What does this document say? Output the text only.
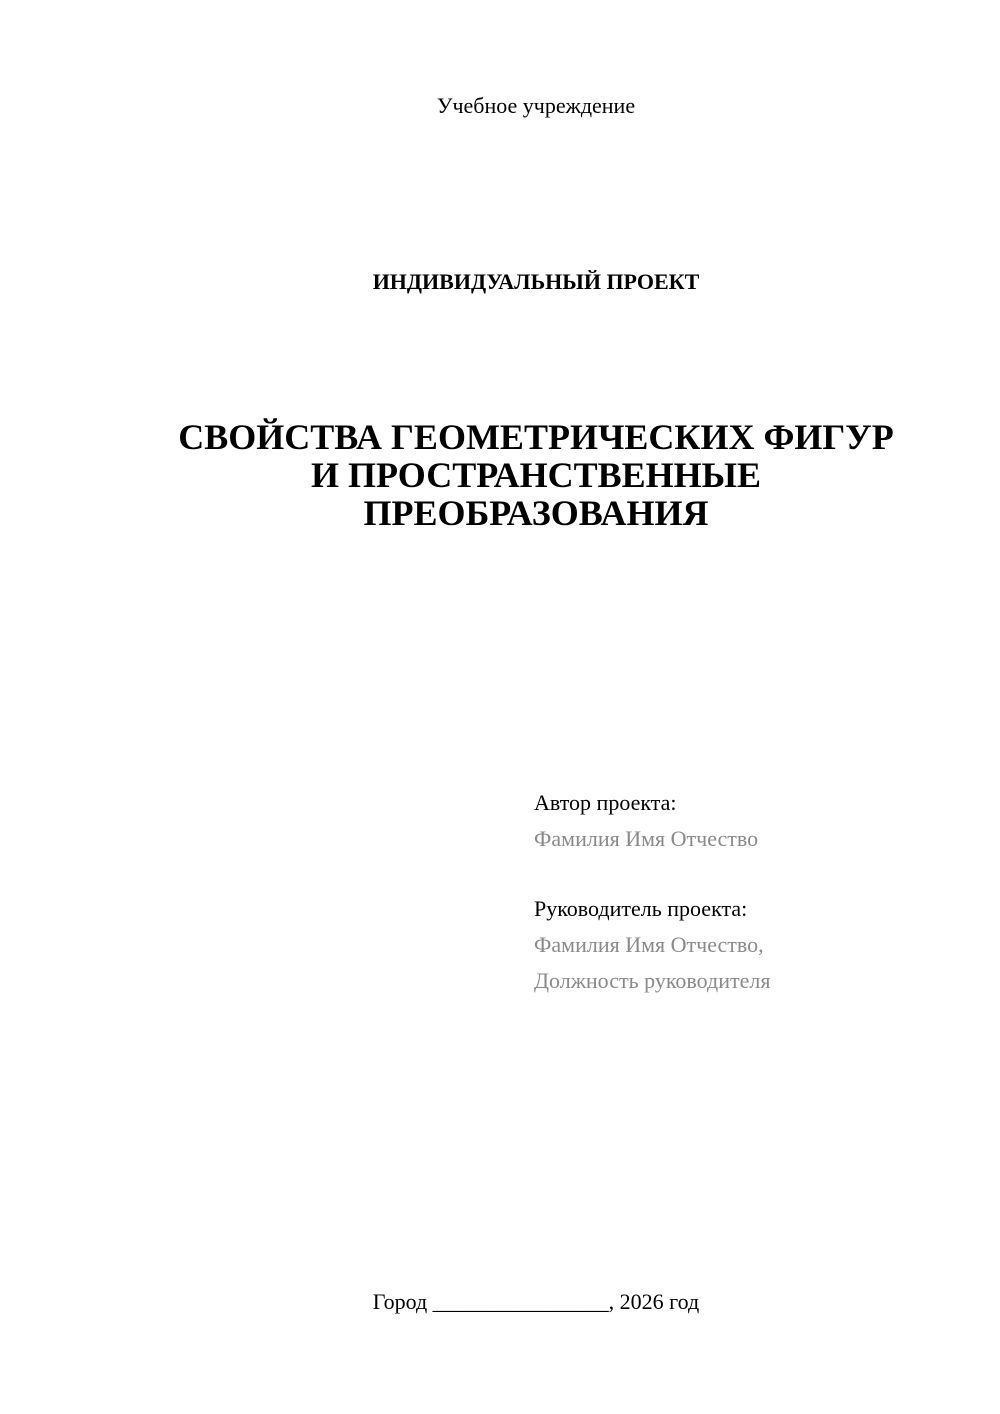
Учебное учреждение
ИНДИВИДУАЛЬНЫЙ ПРОЕКТ
СВОЙСТВА ГЕОМЕТРИЧЕСКИХ ФИГУР
И ПРОСТРАНСТВЕННЫЕ
ПРЕОБРАЗОВАНИЯ
Автор проекта:
Фамилия Имя Отчество
Руководитель проекта:
Фамилия Имя Отчество,
Должность руководителя
Город ________________, 2026 год
